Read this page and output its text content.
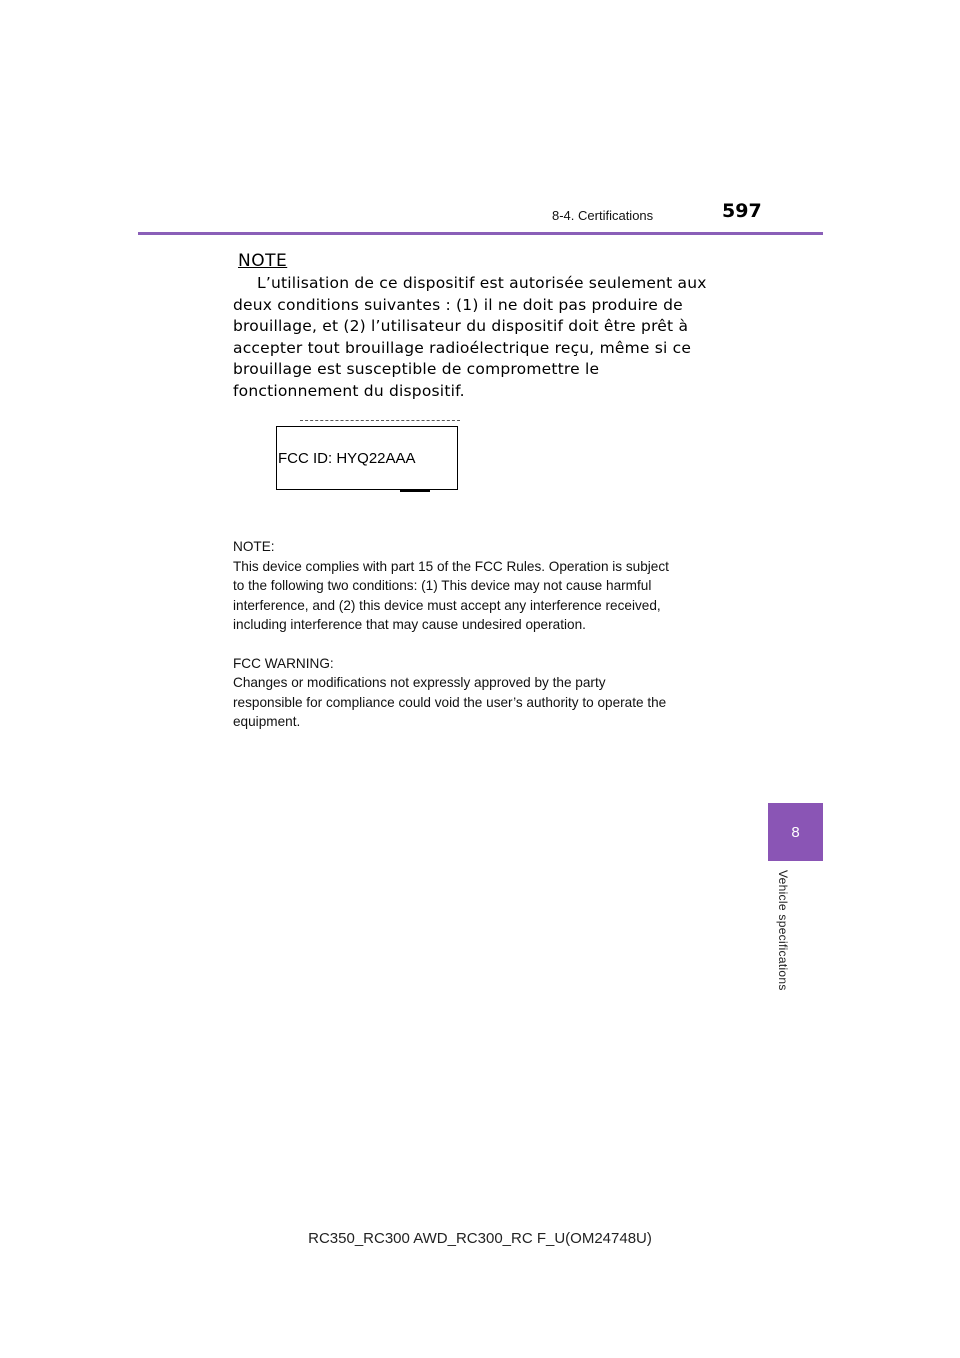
8-4. Certifications	597
NOTE
L’utilisation de ce dispositif est autorisée seulement aux
deux conditions suivantes : (1) il ne doit pas produire de
brouillage, et (2) l’utilisateur du dispositif doit être prêt à
accepter tout brouillage radioélectrique reçu, même si ce
brouillage est susceptible de compromettre le
fonctionnement du dispositif.
FCC ID: HYQ22AAA
NOTE:
This device complies with part 15 of the FCC Rules. Operation is subject
to the following two conditions: (1) This device may not cause harmful
interference, and (2) this device must accept any interference received,
including interference that may cause undesired operation.
FCC WARNING:
Changes or modifications not expressly approved by the party
responsible for compliance could void the user’s authority to operate the
equipment.
8
Vehicle specifications
RC350_RC300 AWD_RC300_RC F_U(OM24748U)
